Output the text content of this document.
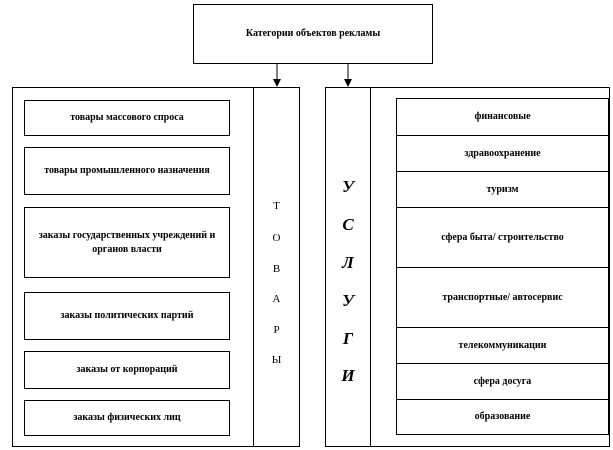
Категории объектов рекламы
Т
О
В
А
Р
Ы
товары массового спроса
товары промышленного назначения
заказы государственных учреждений и органов власти
заказы политических партий
заказы от корпораций
заказы физических лиц
У
С
Л
У
Г
И
финансовые
здравоохранение
туризм
сфера быта/ строительство
транспортные/ автосервис
телекоммуникации
сфера досуга
образование
